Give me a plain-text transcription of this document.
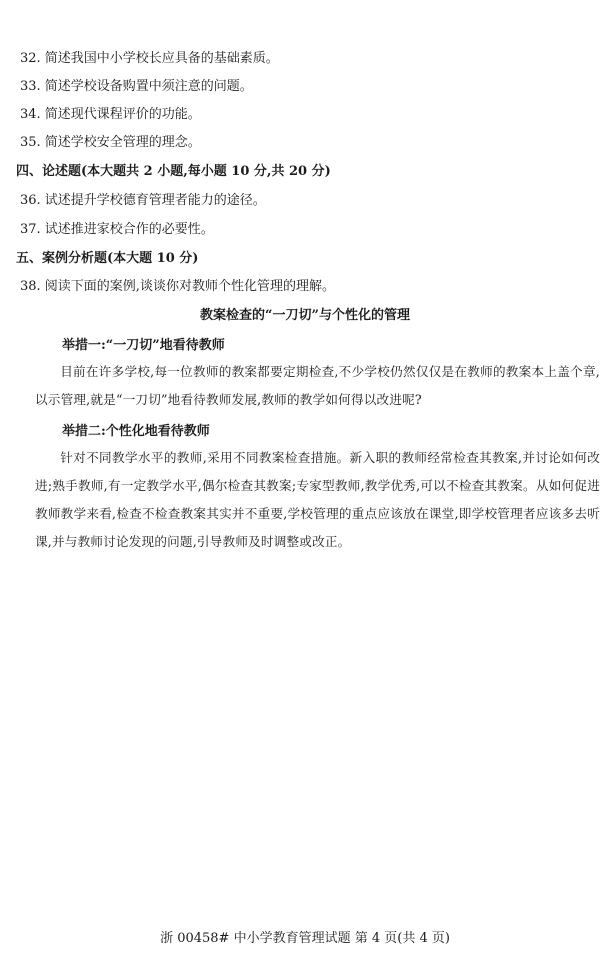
32. 简述我国中小学校长应具备的基础素质。
33. 简述学校设备购置中须注意的问题。
34. 简述现代课程评价的功能。
35. 简述学校安全管理的理念。
四、论述题(本大题共 2 小题,每小题 10 分,共 20 分)
36. 试述提升学校德育管理者能力的途径。
37. 试述推进家校合作的必要性。
五、案例分析题(本大题 10 分)
38. 阅读下面的案例,谈谈你对教师个性化管理的理解。
教案检查的“一刀切”与个性化的管理
举措一:“一刀切”地看待教师
目前在许多学校,每一位教师的教案都要定期检查,不少学校仍然仅仅是在教师的教案本上盖个章,以示管理,就是“一刀切”地看待教师发展,教师的教学如何得以改进呢?
举措二:个性化地看待教师
针对不同教学水平的教师,采用不同教案检查措施。新入职的教师经常检查其教案,并讨论如何改进;熟手教师,有一定教学水平,偶尔检查其教案;专家型教师,教学优秀,可以不检查其教案。从如何促进教师教学来看,检查不检查教案其实并不重要,学校管理的重点应该放在课堂,即学校管理者应该多去听课,并与教师讨论发现的问题,引导教师及时调整或改正。
浙 00458# 中小学教育管理试题 第 4 页(共 4 页)
